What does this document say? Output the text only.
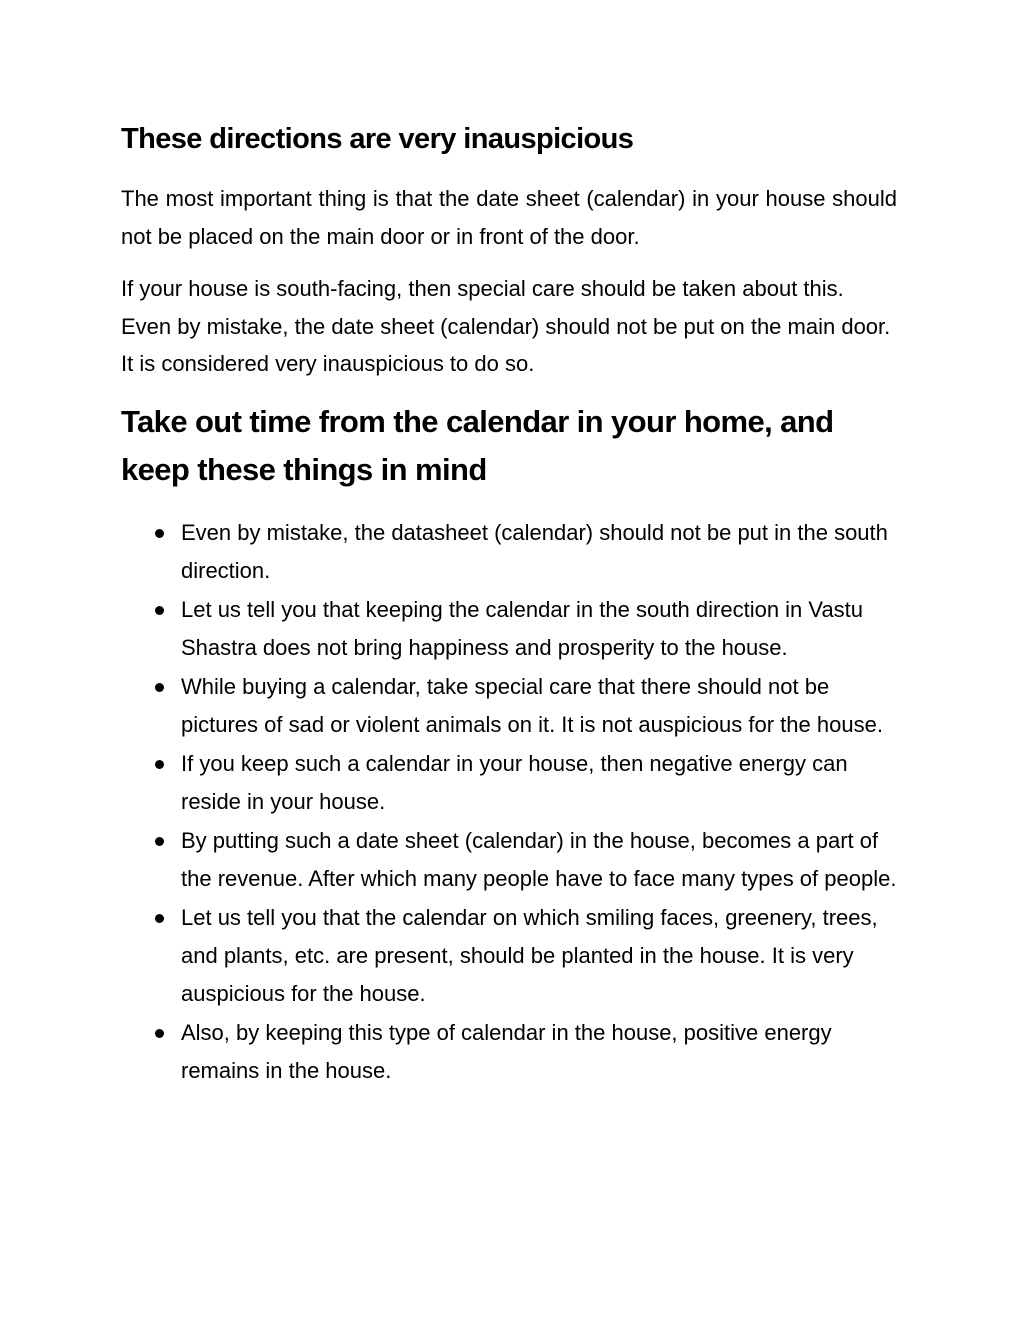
These directions are very inauspicious

The most important thing is that the date sheet (calendar) in your house should not be placed on the main door or in front of the door.

If your house is south-facing, then special care should be taken about this. Even by mistake, the date sheet (calendar) should not be put on the main door. It is considered very inauspicious to do so.

Take out time from the calendar in your home, and keep these things in mind
Even by mistake, the datasheet (calendar) should not be put in the south direction.
Let us tell you that keeping the calendar in the south direction in Vastu Shastra does not bring happiness and prosperity to the house.
While buying a calendar, take special care that there should not be pictures of sad or violent animals on it. It is not auspicious for the house.
If you keep such a calendar in your house, then negative energy can reside in your house.
By putting such a date sheet (calendar) in the house, becomes a part of the revenue. After which many people have to face many types of people.
Let us tell you that the calendar on which smiling faces, greenery, trees, and plants, etc. are present, should be planted in the house. It is very auspicious for the house.
Also, by keeping this type of calendar in the house, positive energy remains in the house.
